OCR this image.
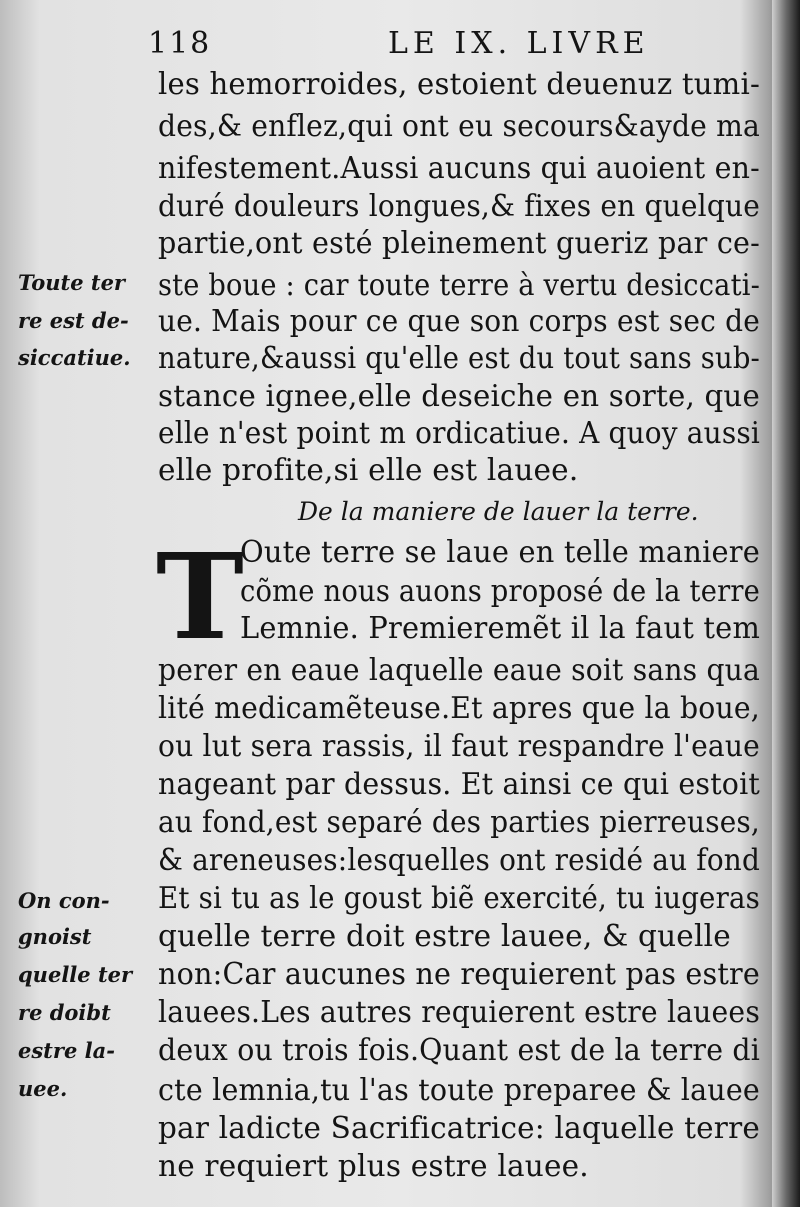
118	LE IX. LIVRE
les hemorroides, estoient deuenuz tumi-
des,& enflez,qui ont eu secours&ayde ma
nifestement.Aussi aucuns qui auoient en-
duré douleurs longues,& fixes en quelque
partie,ont esté pleinement gueriz par ce-
ste boue : car toute terre à vertu desiccati-
ue. Mais pour ce que son corps est sec de
nature,&aussi qu'elle est du tout sans sub-
stance ignee,elle deseiche en sorte, que
elle n'est point m ordicatiue. A quoy aussi
elle profite,si elle est lauee.
De la maniere de lauer la terre.
T
Oute terre se laue en telle maniere
cõme nous auons proposé de la terre
Lemnie. Premieremẽt il la faut tem
perer en eaue laquelle eaue soit sans qua
lité medicamẽteuse.Et apres que la boue,
ou lut sera rassis, il faut respandre l'eaue
nageant par dessus. Et ainsi ce qui estoit
au fond,est separé des parties pierreuses,
& areneuses:lesquelles ont residé au fond
Et si tu as le goust biẽ exercité, tu iugeras
quelle terre doit estre lauee, & quelle
non:Car aucunes ne requierent pas estre
lauees.Les autres requierent estre lauees
deux ou trois fois.Quant est de la terre di
cte lemnia,tu l'as toute preparee & lauee
par ladicte Sacrificatrice: laquelle terre
ne requiert plus estre lauee.
Toute ter
re est de-
siccatiue.
On con-
gnoist
quelle ter
re doibt
estre la-
uee.
